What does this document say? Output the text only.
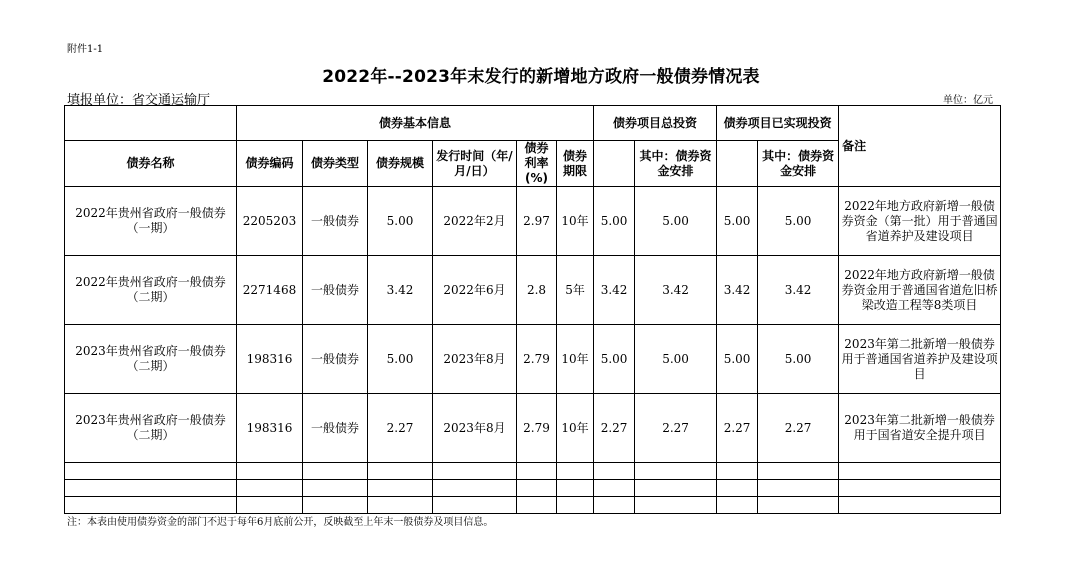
附件1-1
2022年--2023年末发行的新增地方政府一般债券情况表
填报单位：省交通运输厅	单位：亿元
	债券基本信息						债券项目总投资		债券项目已实现投资		备注
债券名称	债券编码	债券类型	债券规模	发行时间（年/月/日）	债券利率(%)	债券期限		其中：债券资金安排		其中：债券资金安排	
2022年贵州省政府一般债券（一期）	2205203	一般债券	5.00	2022年2月	2.97	10年	5.00	5.00	5.00	5.00	2022年地方政府新增一般债券资金（第一批）用于普通国省道养护及建设项目
2022年贵州省政府一般债券（二期）	2271468	一般债券	3.42	2022年6月	2.8	5年	3.42	3.42	3.42	3.42	2022年地方政府新增一般债券资金用于普通国省道危旧桥梁改造工程等8类项目
2023年贵州省政府一般债券（二期）	198316	一般债券	5.00	2023年8月	2.79	10年	5.00	5.00	5.00	5.00	2023年第二批新增一般债券用于普通国省道养护及建设项目
2023年贵州省政府一般债券（二期）	198316	一般债券	2.27	2023年8月	2.79	10年	2.27	2.27	2.27	2.27	2023年第二批新增一般债券用于国省道安全提升项目

注：本表由使用债券资金的部门不迟于每年6月底前公开，反映截至上年末一般债券及项目信息。
